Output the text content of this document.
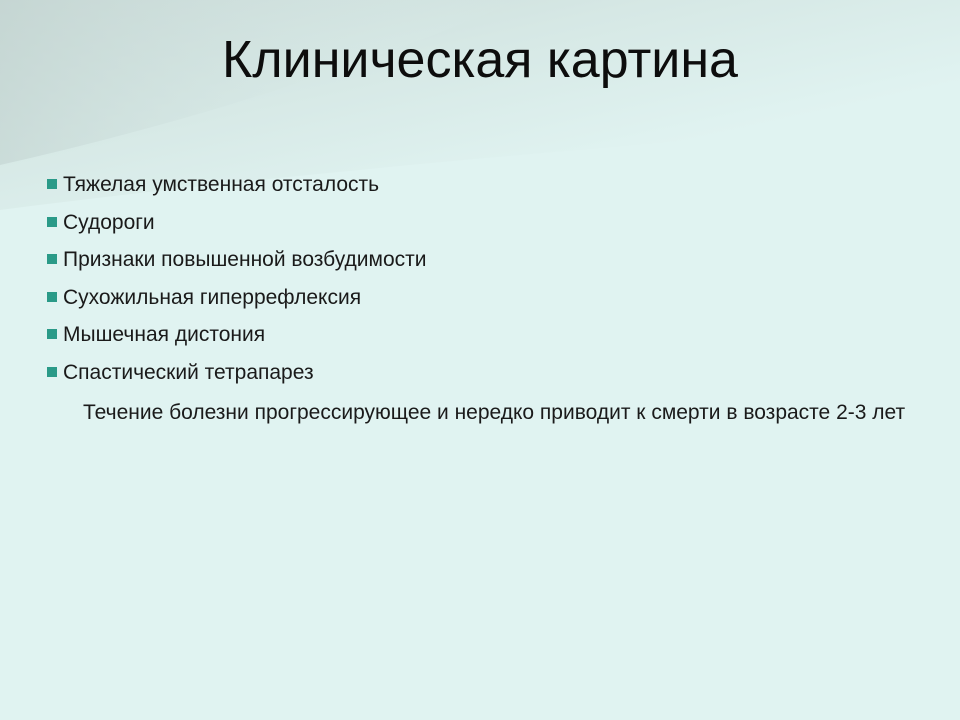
Клиническая картина
Тяжелая умственная отсталость
Судороги
Признаки повышенной возбудимости
Сухожильная гиперрефлексия
Мышечная дистония
Спастический тетрапарез
Течение болезни прогрессирующее и нередко приводит к смерти в возрасте 2-3 лет
